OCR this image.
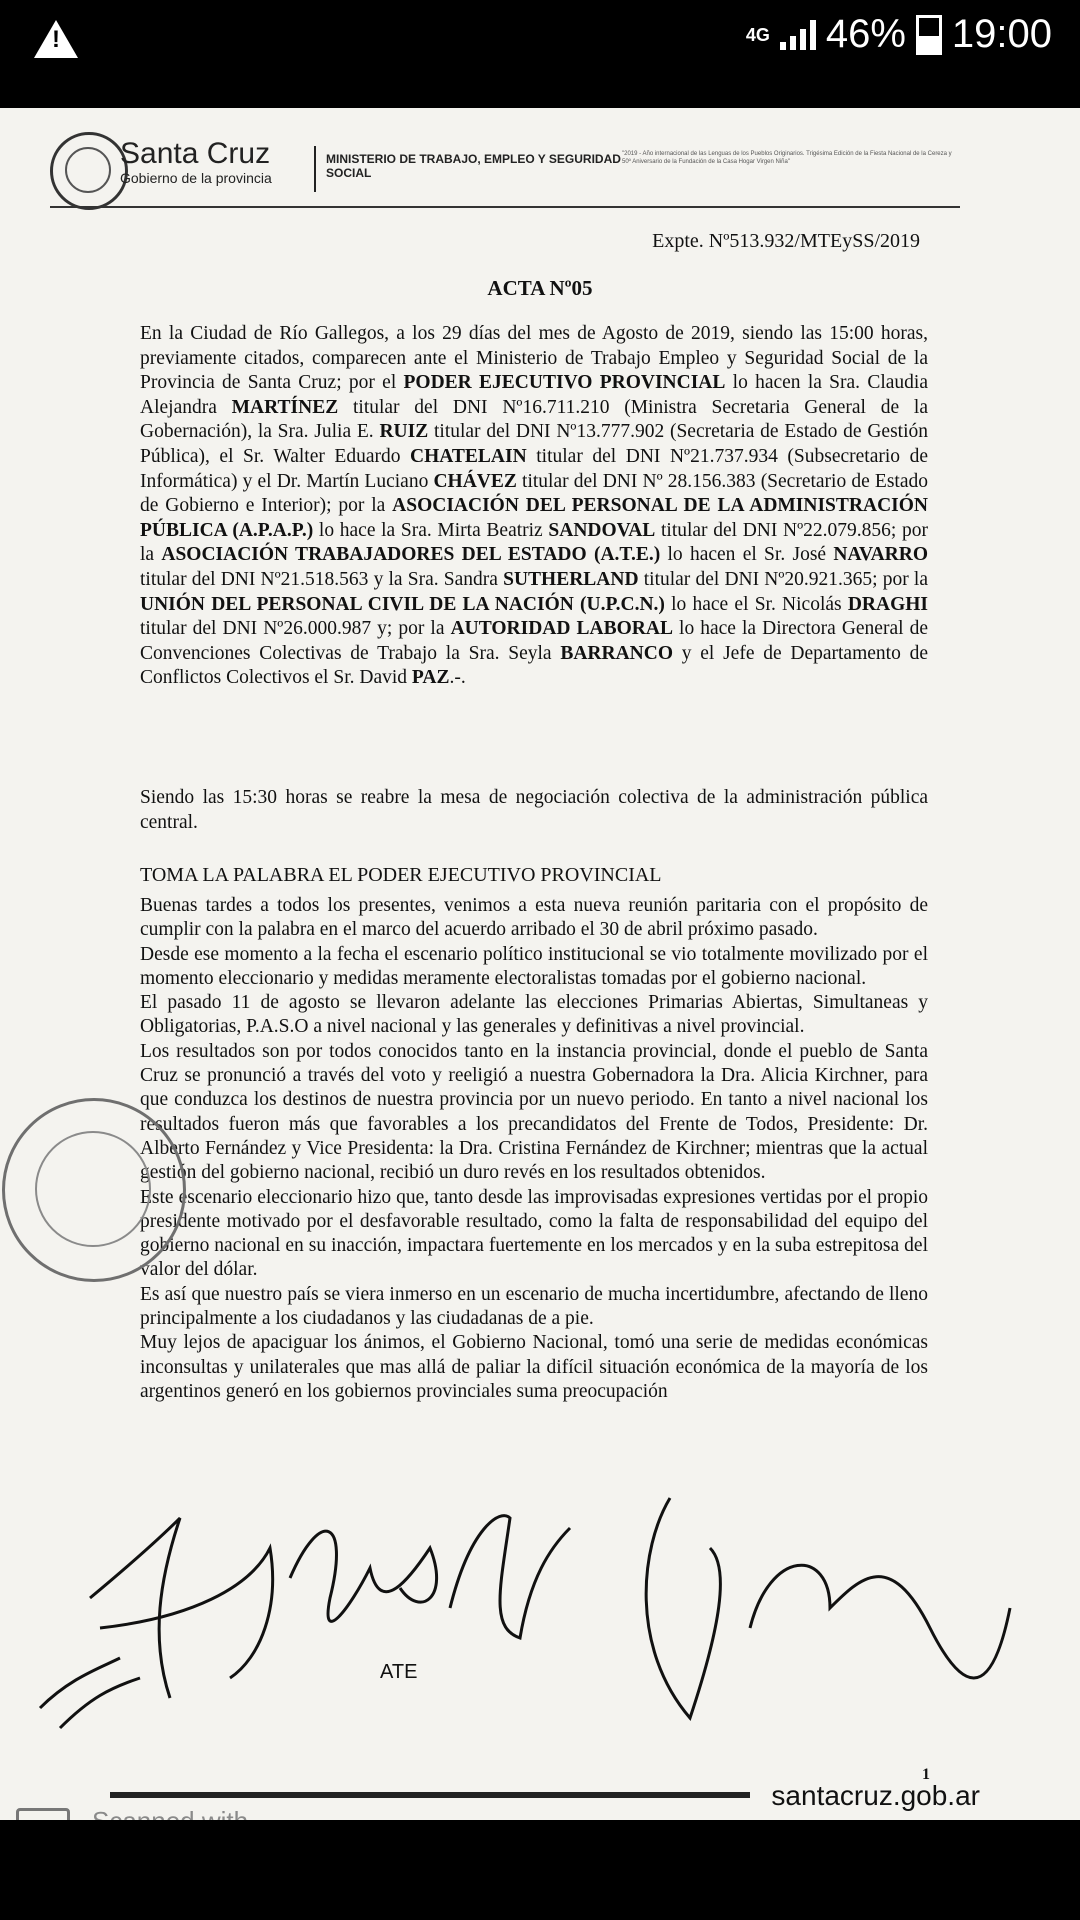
!	4G 46% 19:00
Santa Cruz
Gobierno de la provincia
MINISTERIO DE TRABAJO, EMPLEO Y SEGURIDAD SOCIAL
"2019 - Año internacional de las Lenguas de los Pueblos Originarios. Trigésima Edición de la Fiesta Nacional de la Cereza y 50º Aniversario de la Fundación de la Casa Hogar Virgen Niña"
Expte. Nº513.932/MTEySS/2019
ACTA Nº05
En la Ciudad de Río Gallegos, a los 29 días del mes de Agosto de 2019, siendo las 15:00 horas, previamente citados, comparecen ante el Ministerio de Trabajo Empleo y Seguridad Social de la Provincia de Santa Cruz; por el PODER EJECUTIVO PROVINCIAL lo hacen la Sra. Claudia Alejandra MARTÍNEZ titular del DNI Nº16.711.210 (Ministra Secretaria General de la Gobernación), la Sra. Julia E. RUIZ titular del DNI Nº13.777.902 (Secretaria de Estado de Gestión Pública), el Sr. Walter Eduardo CHATELAIN titular del DNI Nº21.737.934 (Subsecretario de Informática) y el Dr. Martín Luciano CHÁVEZ titular del DNI Nº 28.156.383 (Secretario de Estado de Gobierno e Interior); por la ASOCIACIÓN DEL PERSONAL DE LA ADMINISTRACIÓN PÚBLICA (A.P.A.P.) lo hace la Sra. Mirta Beatriz SANDOVAL titular del DNI Nº22.079.856; por la ASOCIACIÓN TRABAJADORES DEL ESTADO (A.T.E.) lo hacen el Sr. José NAVARRO titular del DNI Nº21.518.563 y la Sra. Sandra SUTHERLAND titular del DNI Nº20.921.365; por la UNIÓN DEL PERSONAL CIVIL DE LA NACIÓN (U.P.C.N.) lo hace el Sr. Nicolás DRAGHI titular del DNI Nº26.000.987 y; por la AUTORIDAD LABORAL lo hace la Directora General de Convenciones Colectivas de Trabajo la Sra. Seyla BARRANCO y el Jefe de Departamento de Conflictos Colectivos el Sr. David PAZ.-.
Siendo las 15:30 horas se reabre la mesa de negociación colectiva de la administración pública central.
TOMA LA PALABRA EL PODER EJECUTIVO PROVINCIAL
Buenas tardes a todos los presentes, venimos a esta nueva reunión paritaria con el propósito de cumplir con la palabra en el marco del acuerdo arribado el 30 de abril próximo pasado.
Desde ese momento a la fecha el escenario político institucional se vio totalmente movilizado por el momento eleccionario y medidas meramente electoralistas tomadas por el gobierno nacional.
El pasado 11 de agosto se llevaron adelante las elecciones Primarias Abiertas, Simultaneas y Obligatorias, P.A.S.O a nivel nacional y las generales y definitivas a nivel provincial.
Los resultados son por todos conocidos tanto en la instancia provincial, donde el pueblo de Santa Cruz se pronunció a través del voto y reeligió a nuestra Gobernadora la Dra. Alicia Kirchner, para que conduzca los destinos de nuestra provincia por un nuevo periodo. En tanto a nivel nacional los resultados fueron más que favorables a los precandidatos del Frente de Todos, Presidente: Dr. Alberto Fernández y Vice Presidenta: la Dra. Cristina Fernández de Kirchner; mientras que la actual gestión del gobierno nacional, recibió un duro revés en los resultados obtenidos.
Este escenario eleccionario hizo que, tanto desde las improvisadas expresiones vertidas por el propio presidente motivado por el desfavorable resultado, como la falta de responsabilidad del equipo del gobierno nacional en su inacción, impactara fuertemente en los mercados y en la suba estrepitosa del valor del dólar.
Es así que nuestro país se viera inmerso en un escenario de mucha incertidumbre, afectando de lleno principalmente a los ciudadanos y las ciudadanas de a pie.
Muy lejos de apaciguar los ánimos, el Gobierno Nacional, tomó una serie de medidas económicas inconsultas y unilaterales que mas allá de paliar la difícil situación económica de la mayoría de los argentinos generó en los gobiernos provinciales suma preocupación
ATE
1
santacruz.gob.ar
